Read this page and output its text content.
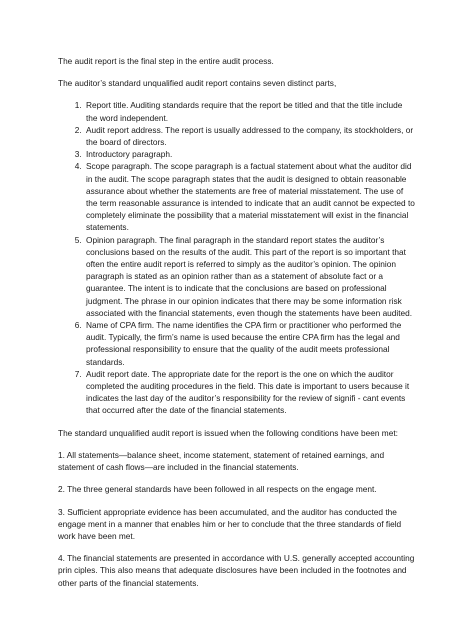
The audit report is the final step in the entire audit process.

The auditor’s standard unqualified audit report contains seven distinct parts,

1. Report title. Auditing standards require that the report be titled and that the title include the word independent.
2. Audit report address. The report is usually addressed to the company, its stockholders, or the board of directors.
3. Introductory paragraph.
4. Scope paragraph. The scope paragraph is a factual statement about what the auditor did in the audit. The scope paragraph states that the audit is designed to obtain reasonable assurance about whether the statements are free of material misstatement. The use of the term reasonable assurance is intended to indicate that an audit cannot be expected to completely eliminate the possibility that a material misstatement will exist in the financial statements.
5. Opinion paragraph. The final paragraph in the standard report states the auditor’s conclusions based on the results of the audit. This part of the report is so important that often the entire audit report is referred to simply as the auditor’s opinion. The opinion paragraph is stated as an opinion rather than as a statement of absolute fact or a guarantee. The intent is to indicate that the conclusions are based on professional judgment. The phrase in our opinion indicates that there may be some information risk associated with the financial statements, even though the statements have been audited.
6. Name of CPA firm. The name identifies the CPA firm or practitioner who performed the audit. Typically, the firm’s name is used because the entire CPA firm has the legal and professional responsibility to ensure that the quality of the audit meets professional standards.
7. Audit report date. The appropriate date for the report is the one on which the auditor completed the auditing procedures in the field. This date is important to users because it indicates the last day of the auditor’s responsibility for the review of signifi - cant events that occurred after the date of the financial statements.

The standard unqualified audit report is issued when the following conditions have been met:

1. All statements—balance sheet, income statement, statement of retained earnings, and statement of cash flows—are included in the financial statements.

2. The three general standards have been followed in all respects on the engage ment.

3. Sufficient appropriate evidence has been accumulated, and the auditor has conducted the engage ment in a manner that enables him or her to conclude that the three standards of field work have been met.

4. The financial statements are presented in accordance with U.S. generally accepted accounting prin ciples. This also means that adequate disclosures have been included in the footnotes and other parts of the financial statements.
